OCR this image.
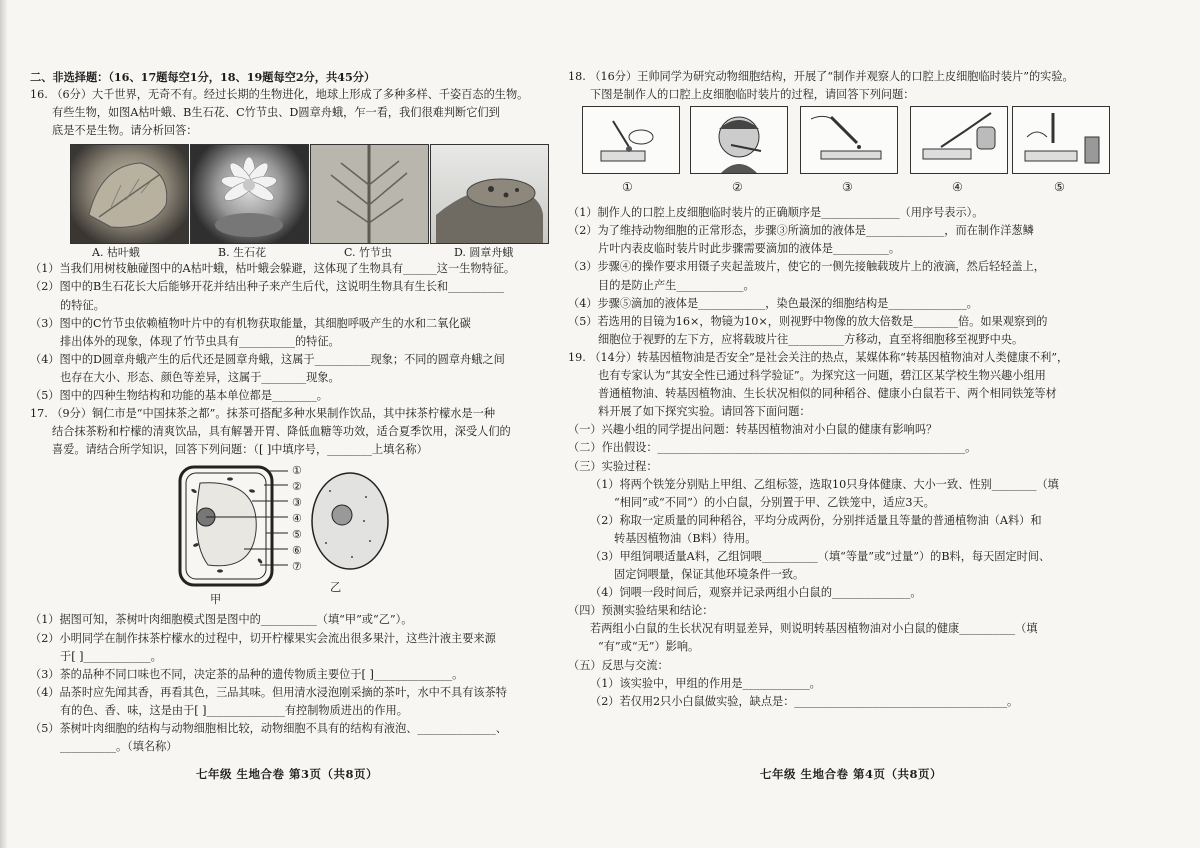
二、非选择题：（16、17题每空1分，18、19题每空2分，共45分）
16. （6分）大千世界，无奇不有。经过长期的生物进化，地球上形成了多种多样、千姿百态的生物。
有些生物，如图A枯叶蛾、B生石花、C竹节虫、D圆章舟蛾，乍一看，我们很难判断它们到
底是不是生物。请分析回答：
A. 枯叶蛾	B. 生石花	C. 竹节虫	D. 圆章舟蛾
（1）当我们用树枝触碰图中的A枯叶蛾，枯叶蛾会躲避，这体现了生物具有______这一生物特征。
（2）图中的B生石花长大后能够开花并结出种子来产生后代，这说明生物具有生长和__________
的特征。
（3）图中的C竹节虫依赖植物叶片中的有机物获取能量，其细胞呼吸产生的水和二氧化碳
排出体外的现象，体现了竹节虫具有__________的特征。
（4）图中的D圆章舟蛾产生的后代还是圆章舟蛾，这属于__________现象；不同的圆章舟蛾之间
也存在大小、形态、颜色等差异，这属于________现象。
（5）图中的四种生物结构和功能的基本单位都是________。
17. （9分）铜仁市是“中国抹茶之都”。抹茶可搭配多种水果制作饮品，其中抹茶柠檬水是一种
结合抹茶粉和柠檬的清爽饮品，具有解暑开胃、降低血糖等功效，适合夏季饮用，深受人们的
喜爱。请结合所学知识，回答下列问题：（[ ]中填序号，________上填名称）
①
②
③
④
⑤
⑥
⑦
甲
乙
（1）据图可知，茶树叶肉细胞模式图是图中的__________（填“甲”或“乙”）。
（2）小明同学在制作抹茶柠檬水的过程中，切开柠檬果实会流出很多果汁，这些汁液主要来源
于[ ]____________。
（3）茶的品种不同口味也不同，决定茶的品种的遗传物质主要位于[ ]______________。
（4）品茶时应先闻其香，再看其色，三品其味。但用清水浸泡刚采摘的茶叶，水中不具有该茶特
有的色、香、味，这是由于[ ]______________有控制物质进出的作用。
（5）茶树叶肉细胞的结构与动物细胞相比较，动物细胞不具有的结构有液泡、______________、
__________。（填名称）
七年级 生地合卷 第3页（共8页）
18. （16分）王帅同学为研究动物细胞结构，开展了“制作并观察人的口腔上皮细胞临时装片”的实验。
下图是制作人的口腔上皮细胞临时装片的过程，请回答下列问题：
①	②	③	④	⑤
（1）制作人的口腔上皮细胞临时装片的正确顺序是______________（用序号表示）。
（2）为了维持动物细胞的正常形态，步骤③所滴加的液体是______________，而在制作洋葱鳞
片叶内表皮临时装片时此步骤需要滴加的液体是__________。
（3）步骤④的操作要求用镊子夹起盖玻片，使它的一侧先接触载玻片上的液滴，然后轻轻盖上，
目的是防止产生____________。
（4）步骤⑤滴加的液体是____________，染色最深的细胞结构是______________。
（5）若选用的目镜为16×，物镜为10×，则视野中物像的放大倍数是________倍。如果观察到的
细胞位于视野的左下方，应将载玻片往__________方移动，直至将细胞移至视野中央。
19. （14分）转基因植物油是否安全”是社会关注的热点，某媒体称“转基因植物油对人类健康不利”，
也有专家认为“其安全性已通过科学验证”。为探究这一问题，碧江区某学校生物兴趣小组用
普通植物油、转基因植物油、生长状况相似的同种稻谷、健康小白鼠若干、两个相同铁笼等材
料开展了如下探究实验。请回答下面问题：
（一）兴趣小组的同学提出问题：转基因植物油对小白鼠的健康有影响吗？
（二）作出假设：_______________________________________________________。
（三）实验过程：
（1）将两个铁笼分别贴上甲组、乙组标签，选取10只身体健康、大小一致、性别________（填
“相同”或“不同”）的小白鼠，分别置于甲、乙铁笼中，适应3天。
（2）称取一定质量的同种稻谷，平均分成两份，分别拌适量且等量的普通植物油（A料）和
转基因植物油（B料）待用。
（3）甲组饲喂适量A料，乙组饲喂__________（填“等量”或“过量”）的B料，每天固定时间、
固定饲喂量，保证其他环境条件一致。
（4）饲喂一段时间后，观察并记录两组小白鼠的______________。
（四）预测实验结果和结论：
若两组小白鼠的生长状况有明显差异，则说明转基因植物油对小白鼠的健康__________（填
“有”或“无”）影响。
（五）反思与交流：
（1）该实验中，甲组的作用是____________。
（2）若仅用2只小白鼠做实验，缺点是：______________________________________。
七年级 生地合卷 第4页（共8页）
